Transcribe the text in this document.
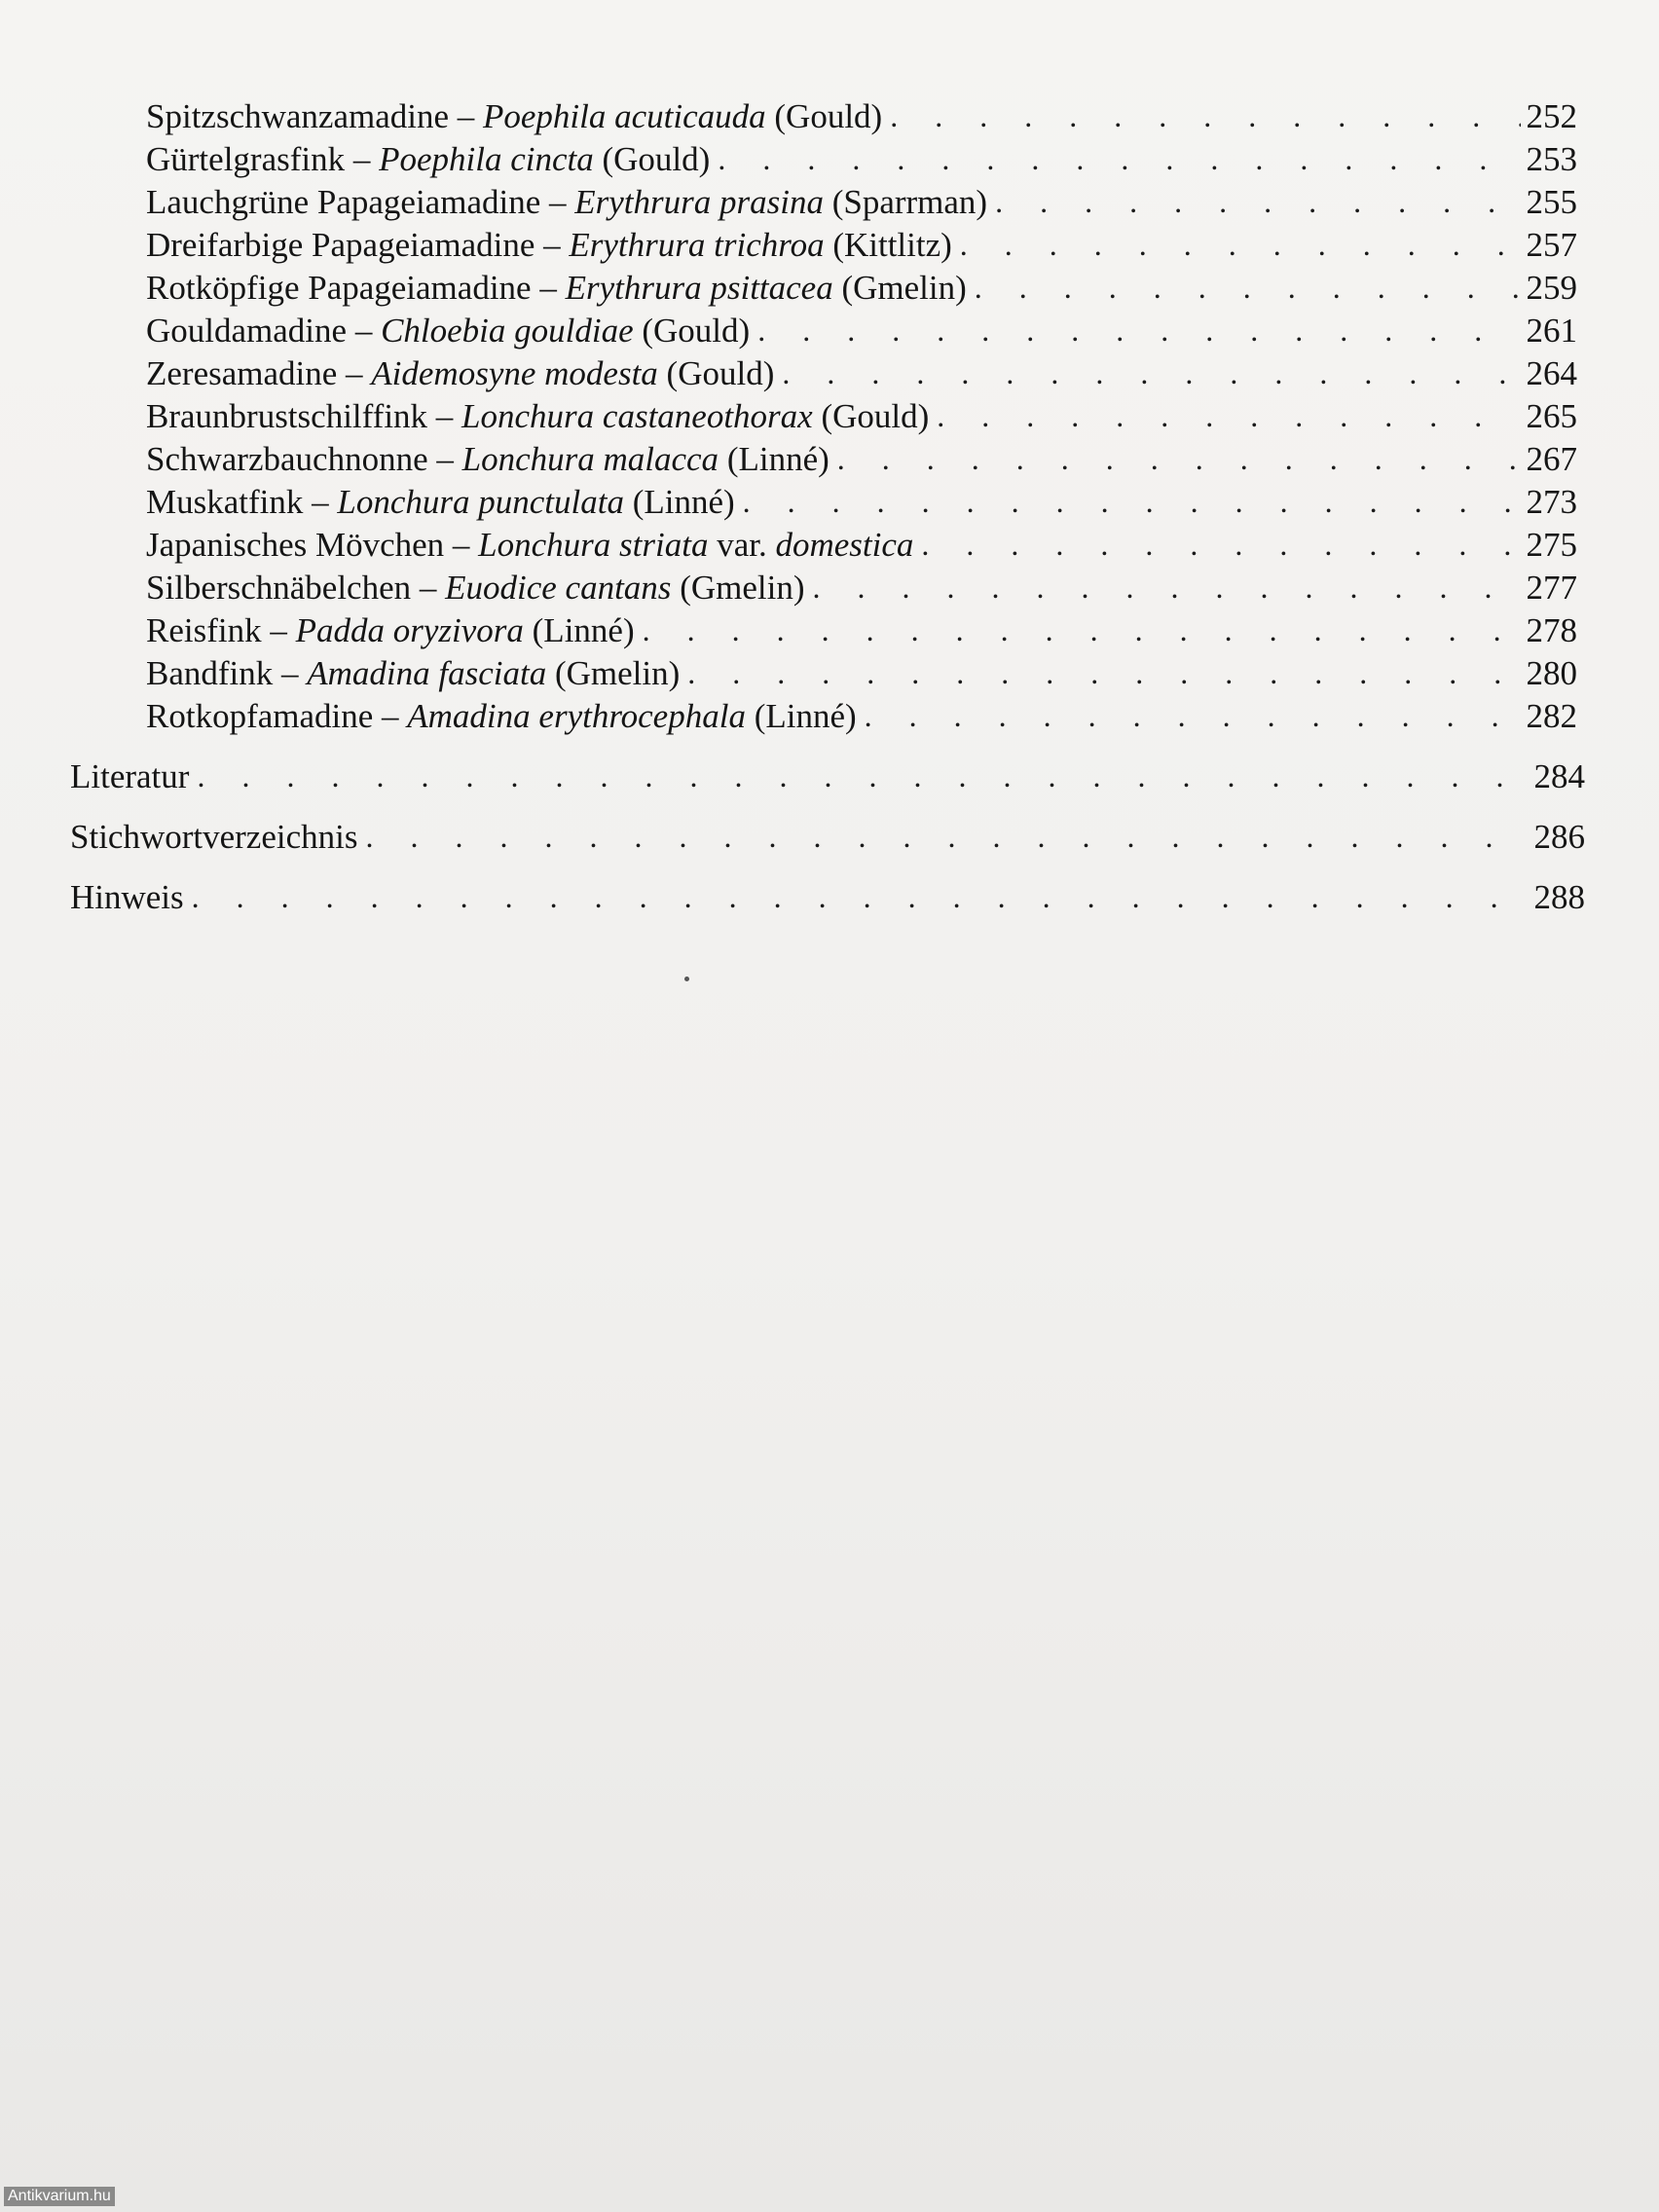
Spitzschwanzamadine – Poephila acuticauda (Gould) . . .	252
Gürtelgrasfink – Poephila cincta (Gould) . . .	253
Lauchgrüne Papageiamadine – Erythrura prasina (Sparrman) . . .	255
Dreifarbige Papageiamadine – Erythrura trichroa (Kittlitz) . . .	257
Rotköpfige Papageiamadine – Erythrura psittacea (Gmelin) . . .	259
Gouldamadine – Chloebia gouldiae (Gould) . . .	261
Zeresamadine – Aidemosyne modesta (Gould) . . .	264
Braunbrustschilffink – Lonchura castaneothorax (Gould) . . .	265
Schwarzbauchnonne – Lonchura malacca (Linné) . . .	267
Muskatfink – Lonchura punctulata (Linné) . . .	273
Japanisches Mövchen – Lonchura striata var. domestica . . .	275
Silberschnäbelchen – Euodice cantans (Gmelin) . . .	277
Reisfink – Padda oryzivora (Linné) . . .	278
Bandfink – Amadina fasciata (Gmelin) . . .	280
Rotkopfamadine – Amadina erythrocephala (Linné) . . .	282
Literatur . . .	284
Stichwortverzeichnis . . .	286
Hinweis . . .	288
Antikvarium.hu
